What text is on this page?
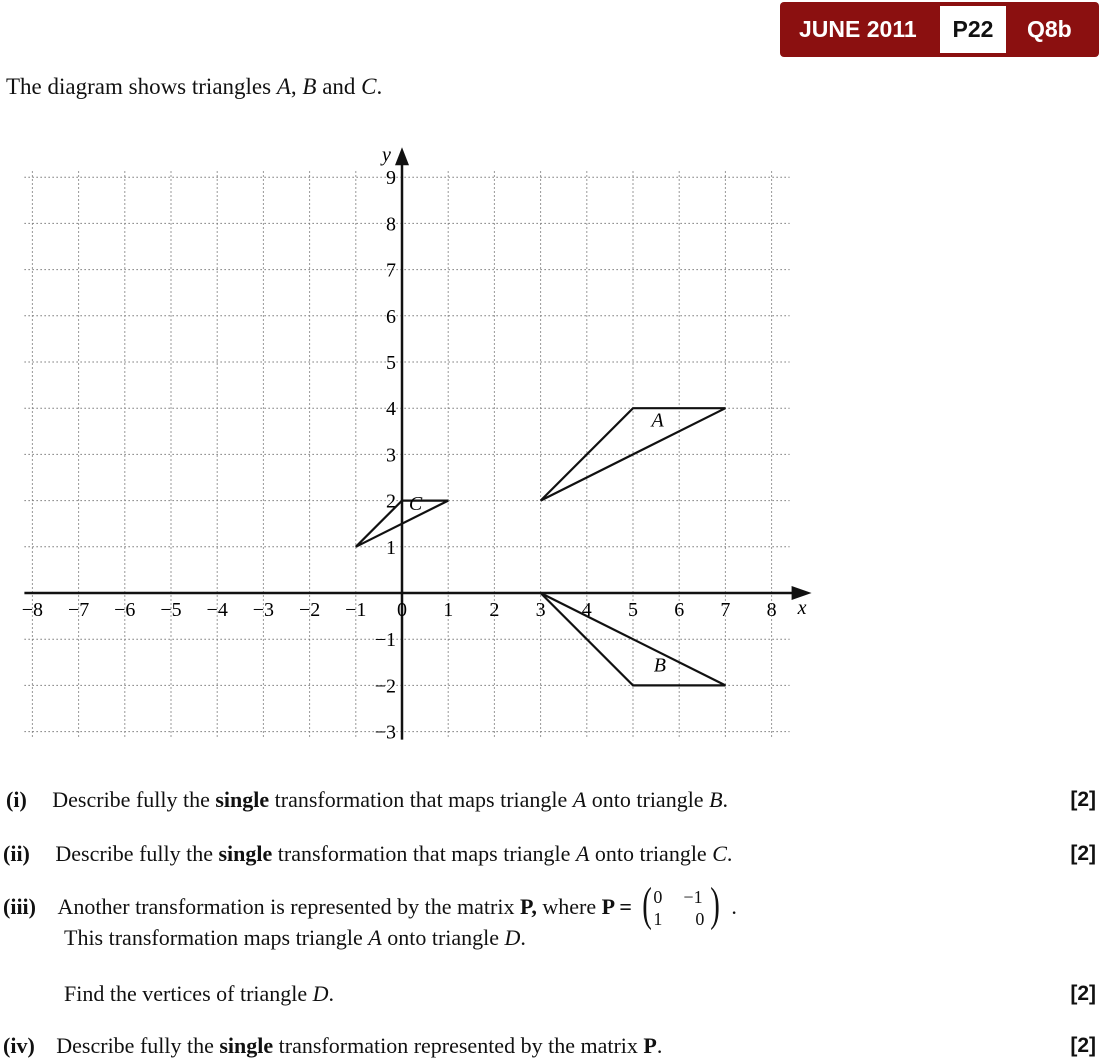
JUNE 2011	P22	Q8b
The diagram shows triangles A, B and C.
x
y
−8 −7 −6 −5 −4 −3 −2 −1 0 1 2 3 4 5 6 7 8
9
8
7
6
5
4
3
2
1
−1
−2
−3
A
B
C
(i) Describe fully the single transformation that maps triangle A onto triangle B.	[2]
(ii) Describe fully the single transformation that maps triangle A onto triangle C.	[2]
(iii) Another transformation is represented by the matrix P, where P = ( 0 −1
1 0 ) .
This transformation maps triangle A onto triangle D.
Find the vertices of triangle D.	[2]
(iv) Describe fully the single transformation represented by the matrix P.	[2]
